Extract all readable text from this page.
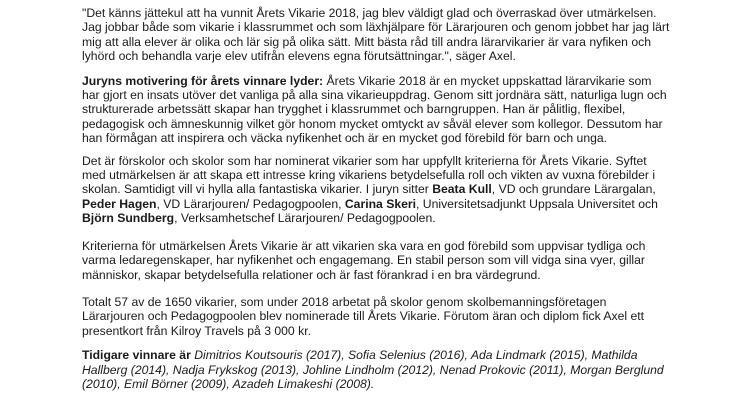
"Det känns jättekul att ha vunnit Årets Vikarie 2018, jag blev väldigt glad och överraskad över utmärkelsen. Jag jobbar både som vikarie i klassrummet och som läxhjälpare för Lärarjouren och genom jobbet har jag lärt mig att alla elever är olika och lär sig på olika sätt. Mitt bästa råd till andra lärarvikarier är vara nyfiken och lyhörd och behandla varje elev utifrån elevens egna förutsättningar.", säger Axel.

Juryns motivering för årets vinnare lyder: Årets Vikarie 2018 är en mycket uppskattad lärarvikarie som har gjort en insats utöver det vanliga på alla sina vikarieuppdrag. Genom sitt jordnära sätt, naturliga lugn och strukturerade arbetssätt skapar han trygghet i klassrummet och barngruppen. Han är pålitlig, flexibel, pedagogisk och ämneskunnig vilket gör honom mycket omtyckt av såväl elever som kollegor. Dessutom har han förmågan att inspirera och väcka nyfikenhet och är en mycket god förebild för barn och unga.

Det är förskolor och skolor som har nominerat vikarier som har uppfyllt kriterierna för Årets Vikarie. Syftet med utmärkelsen är att skapa ett intresse kring vikariens betydelsefulla roll och vikten av vuxna förebilder i skolan. Samtidigt vill vi hylla alla fantastiska vikarier. I juryn sitter Beata Kull, VD och grundare Lärargalan, Peder Hagen, VD Lärarjouren/ Pedagogpoolen, Carina Skeri, Universitetsadjunkt Uppsala Universitet och Björn Sundberg, Verksamhetschef Lärarjouren/ Pedagogpoolen.

Kriterierna för utmärkelsen Årets Vikarie är att vikarien ska vara en god förebild som uppvisar tydliga och varma ledaregenskaper, har nyfikenhet och engagemang. En stabil person som vill vidga sina vyer, gillar människor, skapar betydelsefulla relationer och är fast förankrad i en bra värdegrund.

Totalt 57 av de 1650 vikarier, som under 2018 arbetat på skolor genom skolbemanningsföretagen Lärarjouren och Pedagogpoolen blev nominerade till Årets Vikarie. Förutom äran och diplom fick Axel ett presentkort från Kilroy Travels på 3 000 kr.

Tidigare vinnare är Dimitrios Koutsouris (2017), Sofia Selenius (2016), Ada Lindmark (2015), Mathilda Hallberg (2014), Nadja Frykskog (2013), Johline Lindholm (2012), Nenad Prokovic (2011), Morgan Berglund (2010), Emil Börner (2009), Azadeh Limakeshi (2008).
